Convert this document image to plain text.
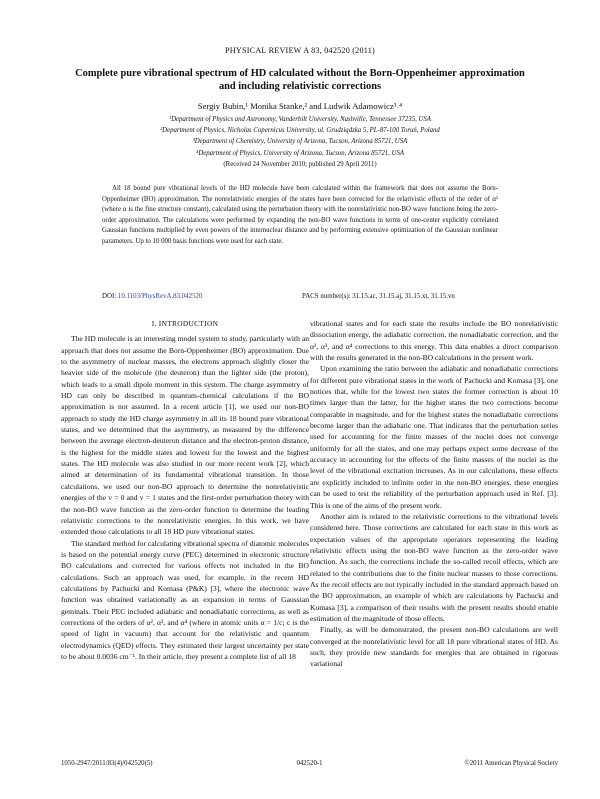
PHYSICAL REVIEW A 83, 042520 (2011)
Complete pure vibrational spectrum of HD calculated without the Born-Oppenheimer approximation and including relativistic corrections
Sergiy Bubin,¹ Monika Stanke,² and Ludwik Adamowicz³˒⁴
¹Department of Physics and Astronomy, Vanderbilt University, Nashville, Tennessee 37235, USA
²Department of Physics, Nicholas Copernicus University, ul. Grudziądzka 5, PL-87-100 Toruń, Poland
³Department of Chemistry, University of Arizona, Tucson, Arizona 85721, USA
⁴Department of Physics, University of Arizona, Tucson, Arizona 85721, USA
(Received 24 November 2010; published 29 April 2011)
All 18 bound pure vibrational levels of the HD molecule have been calculated within the framework that does not assume the Born-Oppenheimer (BO) approximation. The nonrelativistic energies of the states have been corrected for the relativistic effects of the order of α² (where α is the fine structure constant), calculated using the perturbation theory with the nonrelativistic non-BO wave functions being the zero-order approximation. The calculations were performed by expanding the non-BO wave functions in terms of one-center explicitly correlated Gaussian functions multiplied by even powers of the internuclear distance and by performing extensive optimization of the Gaussian nonlinear parameters. Up to 10 000 basis functions were used for each state.
DOI: 10.1103/PhysRevA.83.042520	PACS number(s): 31.15.ac, 31.15.aj, 31.15.xt, 31.15.vn
I. INTRODUCTION

The HD molecule is an interesting model system to study, particularly with an approach that does not assume the Born-Oppenheimer (BO) approximation. Due to the asymmetry of nuclear masses, the electrons approach slightly closer the heavier side of the molecule (the deuteron) than the lighter side (the proton), which leads to a small dipole moment in this system. The charge asymmetry of HD can only be described in quantum-chemical calculations if the BO approximation is not assumed. In a recent article [1], we used our non-BO approach to study the HD charge asymmetry in all its 18 bound pure vibrational states, and we determined that the asymmetry, as measured by the difference between the average electron-deuteron distance and the electron-proton distance, is the highest for the middle states and lowest for the lowest and the highest states. The HD molecule was also studied in our more recent work [2], which aimed at determination of its fundamental vibrational transition. In those calculations, we used our non-BO approach to determine the nonrelativistic energies of the v = 0 and v = 1 states and the first-order perturbation theory with the non-BO wave function as the zero-order function to determine the leading relativistic corrections to the nonrelativistic energies. In this work, we have extended those calculations to all 18 HD pure vibrational states.

The standard method for calculating vibrational spectra of diatomic molecules is based on the potential energy curve (PEC) determined in electronic structure BO calculations and corrected for various effects not included in the BO calculations. Such an approach was used, for example, in the recent HD calculations by Pachucki and Komasa (P&K) [3], where the electronic wave function was obtained variationally as an expansion in terms of Gaussian geminals. Their PEC included adiabatic and nonadiabatic corrections, as well as corrections of the orders of α², α³, and α⁴ (where in atomic units α = 1/c; c is the speed of light in vacuum) that account for the relativistic and quantum electrodynamics (QED) effects. They estimated their largest uncertainty per state to be about 0.0036 cm⁻¹. In their article, they present a complete list of all 18

vibrational states and for each state the results include the BO nonrelativistic dissociation energy, the adiabatic correction, the nonadiabatic correction, and the α², α³, and α⁴ corrections to this energy. This data enables a direct comparison with the results generated in the non-BO calculations in the present work.

Upon examining the ratio between the adiabatic and nonadiabatic corrections for different pure vibrational states in the work of Pachucki and Komasa [3], one notices that, while for the lowest two states the former correction is about 10 times larger than the latter, for the higher states the two corrections become comparable in magnitude, and for the highest states the nonadiabatic corrections become larger than the adiabatic one. That indicates that the perturbation series used for accounting for the finite masses of the nuclei does not converge uniformly for all the states, and one may perhaps expect some decrease of the accuracy in accounting for the effects of the finite masses of the nuclei as the level of the vibrational excitation increases. As in our calculations, these effects are explicitly included to infinite order in the non-BO energies, these energies can be used to test the reliability of the perturbation approach used in Ref. [3]. This is one of the aims of the present work.

Another aim is related to the relativistic corrections to the vibrational levels considered here. Those corrections are calculated for each state in this work as expectation values of the appropriate operators representing the leading relativistic effects using the non-BO wave function as the zero-order wave function. As such, the corrections include the so-called recoil effects, which are related to the contributions due to the finite nuclear masses to those corrections. As the recoil effects are not typically included in the standard approach based on the BO approximation, an example of which are calculations by Pachucki and Komasa [3], a comparison of their results with the present results should enable estimation of the magnitude of those effects.

Finally, as will be demonstrated, the present non-BO calculations are well converged at the nonrelativistic level for all 18 pure vibrational states of HD. As such, they provide new standards for energies that are obtained in rigorous variational

1050-2947/2011/83(4)/042520(5)	042520-1	©2011 American Physical Society
